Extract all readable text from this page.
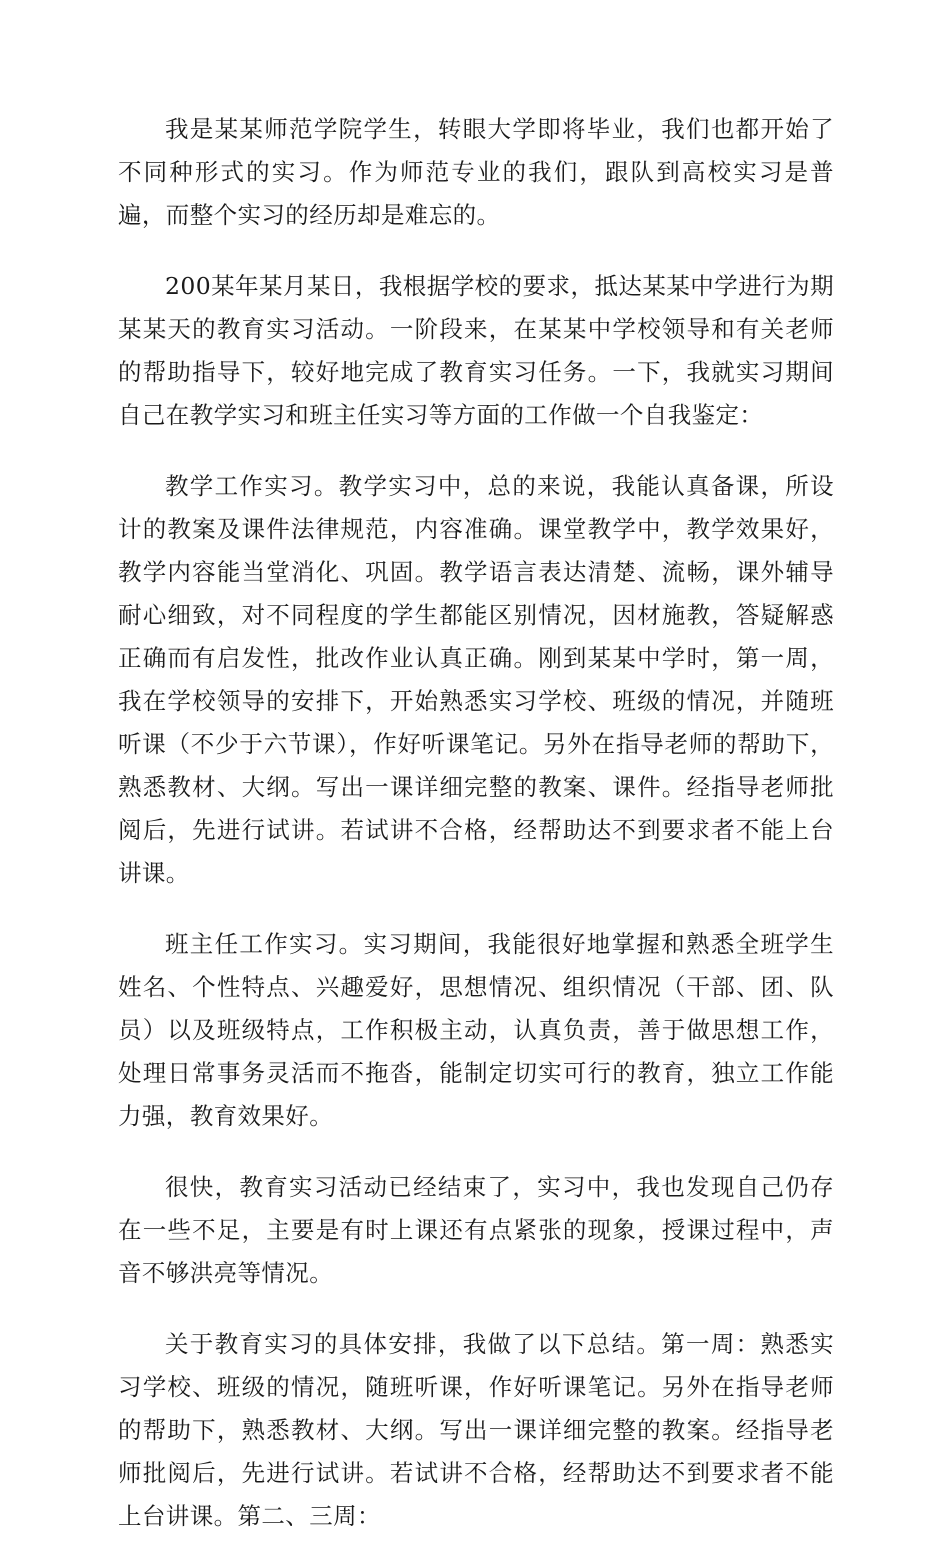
我是某某师范学院学生，转眼大学即将毕业，我们也都开始了不同种形式的实习。作为师范专业的我们，跟队到高校实习是普遍，而整个实习的经历却是难忘的。

200某年某月某日，我根据学校的要求，抵达某某中学进行为期某某天的教育实习活动。一阶段来，在某某中学校领导和有关老师的帮助指导下，较好地完成了教育实习任务。一下，我就实习期间自己在教学实习和班主任实习等方面的工作做一个自我鉴定：

教学工作实习。教学实习中，总的来说，我能认真备课，所设计的教案及课件法律规范，内容准确。课堂教学中，教学效果好，教学内容能当堂消化、巩固。教学语言表达清楚、流畅，课外辅导耐心细致，对不同程度的学生都能区别情况，因材施教，答疑解惑正确而有启发性，批改作业认真正确。刚到某某中学时，第一周，我在学校领导的安排下，开始熟悉实习学校、班级的情况，并随班听课（不少于六节课），作好听课笔记。另外在指导老师的帮助下，熟悉教材、大纲。写出一课详细完整的教案、课件。经指导老师批阅后，先进行试讲。若试讲不合格，经帮助达不到要求者不能上台讲课。

班主任工作实习。实习期间，我能很好地掌握和熟悉全班学生姓名、个性特点、兴趣爱好，思想情况、组织情况（干部、团、队员）以及班级特点，工作积极主动，认真负责，善于做思想工作，处理日常事务灵活而不拖沓，能制定切实可行的教育，独立工作能力强，教育效果好。

很快，教育实习活动已经结束了，实习中，我也发现自己仍存在一些不足，主要是有时上课还有点紧张的现象，授课过程中，声音不够洪亮等情况。

关于教育实习的具体安排，我做了以下总结。第一周：熟悉实习学校、班级的情况，随班听课，作好听课笔记。另外在指导老师的帮助下，熟悉教材、大纲。写出一课详细完整的教案。经指导老师批阅后，先进行试讲。若试讲不合格，经帮助达不到要求者不能上台讲课。第二、三周：
